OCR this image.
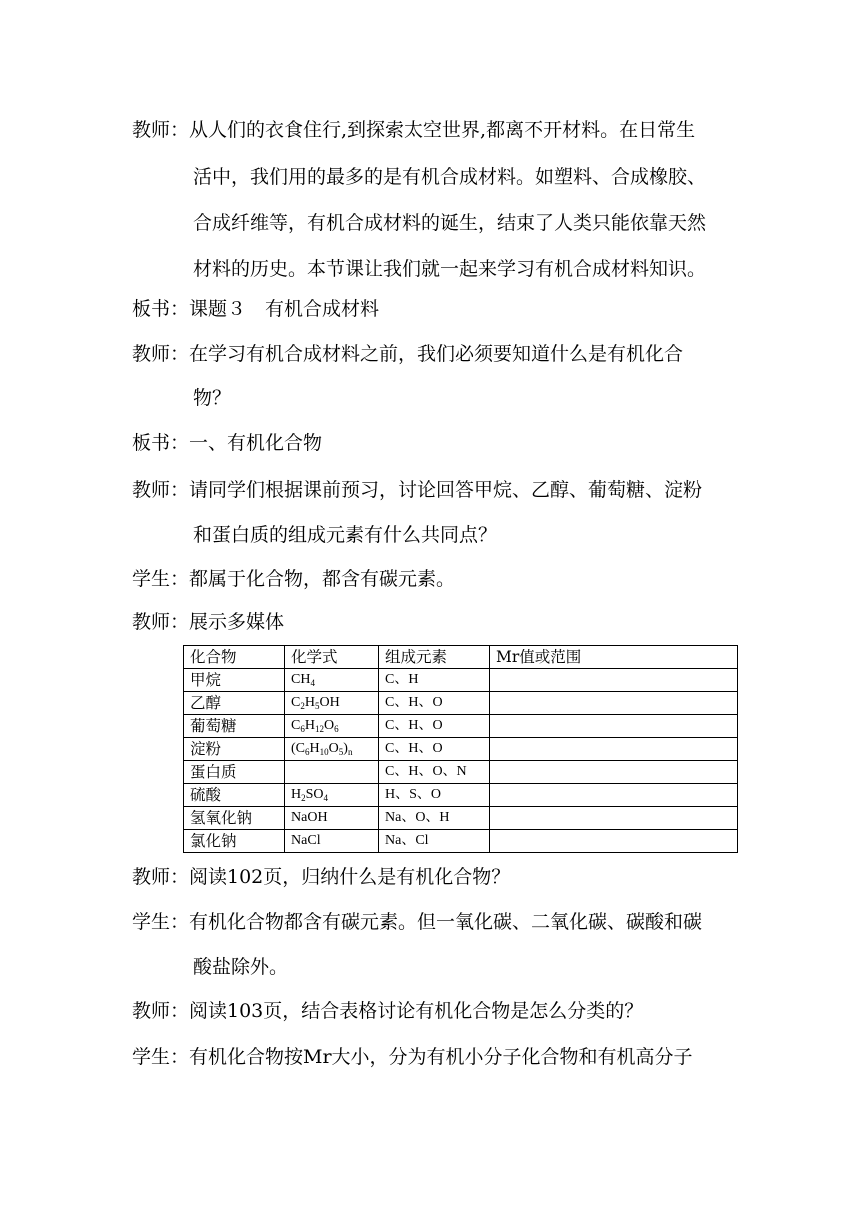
教师：从人们的衣食住行,到探索太空世界,都离不开材料。在日常生
活中，我们用的最多的是有机合成材料。如塑料、合成橡胶、
合成纤维等，有机合成材料的诞生，结束了人类只能依靠天然
材料的历史。本节课让我们就一起来学习有机合成材料知识。
板书：课题３　有机合成材料
教师：在学习有机合成材料之前，我们必须要知道什么是有机化合
物？
板书：一、有机化合物
教师：请同学们根据课前预习，讨论回答甲烷、乙醇、葡萄糖、淀粉
和蛋白质的组成元素有什么共同点？
学生：都属于化合物，都含有碳元素。
教师：展示多媒体
化合物	化学式	组成元素	Mr值或范围
甲烷	$CH_4$	C、H	
乙醇	$C_2H_5OH$	C、H、O	
葡萄糖	$C_6H_{12}O_6$	C、H、O	
淀粉	$(C_6H_{10}O_5)_n$	C、H、O	
蛋白质		C、H、O、N	
硫酸	$H_2SO_4$	H、S、O	
氢氧化钠	NaOH	Na、O、H	
氯化钠	NaCl	Na、Cl	
教师：阅读102页，归纳什么是有机化合物？
学生：有机化合物都含有碳元素。但一氧化碳、二氧化碳、碳酸和碳
酸盐除外。
教师：阅读103页，结合表格讨论有机化合物是怎么分类的？
学生：有机化合物按Mr大小，分为有机小分子化合物和有机高分子
